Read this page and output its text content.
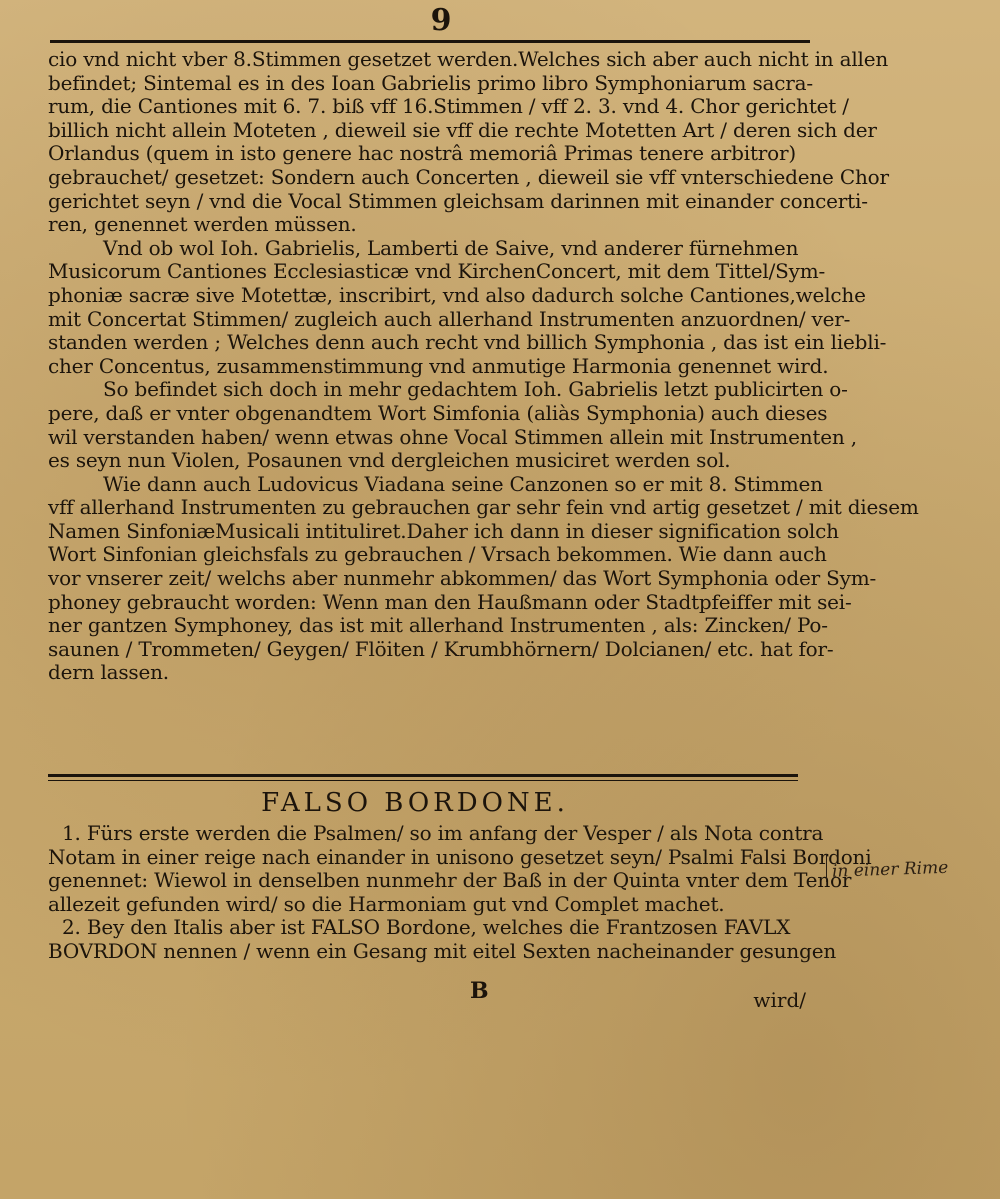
9
cio vnd nicht vber 8.Stimmen gesetzet werden.Welches sich aber auch nicht in allen
befindet; Sintemal es in des Ioan Gabrielis primo libro Symphoniarum sacra-
rum, die Cantiones mit 6. 7. biß vff 16.Stimmen / vff 2. 3. vnd 4. Chor gerichtet /
billich nicht allein Moteten , dieweil sie vff die rechte Motetten Art / deren sich der
Orlandus (quem in isto genere hac nostrâ memoriâ Primas tenere arbitror)
gebrauchet/ gesetzet: Sondern auch Concerten , dieweil sie vff vnterschiedene Chor
gerichtet seyn / vnd die Vocal Stimmen gleichsam darinnen mit einander concerti-
ren, genennet werden müssen.
Vnd ob wol Ioh. Gabrielis, Lamberti de Saive, vnd anderer fürnehmen
Musicorum Cantiones Ecclesiasticæ vnd KirchenConcert, mit dem Tittel/Sym-
phoniæ sacræ sive Motettæ, inscribirt, vnd also dadurch solche Cantiones,welche
mit Concertat Stimmen/ zugleich auch allerhand Instrumenten anzuordnen/ ver-
standen werden ; Welches denn auch recht vnd billich Symphonia , das ist ein liebli-
cher Concentus, zusammenstimmung vnd anmutige Harmonia genennet wird.
So befindet sich doch in mehr gedachtem Ioh. Gabrielis letzt publicirten o-
pere, daß er vnter obgenandtem Wort Simfonia (aliàs Symphonia) auch dieses
wil verstanden haben/ wenn etwas ohne Vocal Stimmen allein mit Instrumenten ,
es seyn nun Violen, Posaunen vnd dergleichen musiciret werden sol.
Wie dann auch Ludovicus Viadana seine Canzonen so er mit 8. Stimmen
vff allerhand Instrumenten zu gebrauchen gar sehr fein vnd artig gesetzet / mit diesem
Namen SinfoniæMusicali intituliret.Daher ich dann in dieser signification solch
Wort Sinfonian gleichsfals zu gebrauchen / Vrsach bekommen. Wie dann auch
vor vnserer zeit/ welchs aber nunmehr abkommen/ das Wort Symphonia oder Sym-
phoney gebraucht worden: Wenn man den Haußmann oder Stadtpfeiffer mit sei-
ner gantzen Symphoney, das ist mit allerhand Instrumenten , als: Zincken/ Po-
saunen / Trommeten/ Geygen/ Flöiten / Krumbhörnern/ Dolcianen/ etc. hat for-
dern lassen.
FALSO BORDONE.
1. Fürs erste werden die Psalmen/ so im anfang der Vesper / als Nota contra
Notam in einer reige nach einander in unisono gesetzet seyn/ Psalmi Falsi Bordoni
genennet: Wiewol in denselben nunmehr der Baß in der Quinta vnter dem Tenor
allezeit gefunden wird/ so die Harmoniam gut vnd Complet machet.
2. Bey den Italis aber ist FALSO Bordone, welches die Frantzosen FAVLX
BOVRDON nennen / wenn ein Gesang mit eitel Sexten nacheinander gesungen
in einer Rime
B	wird/
